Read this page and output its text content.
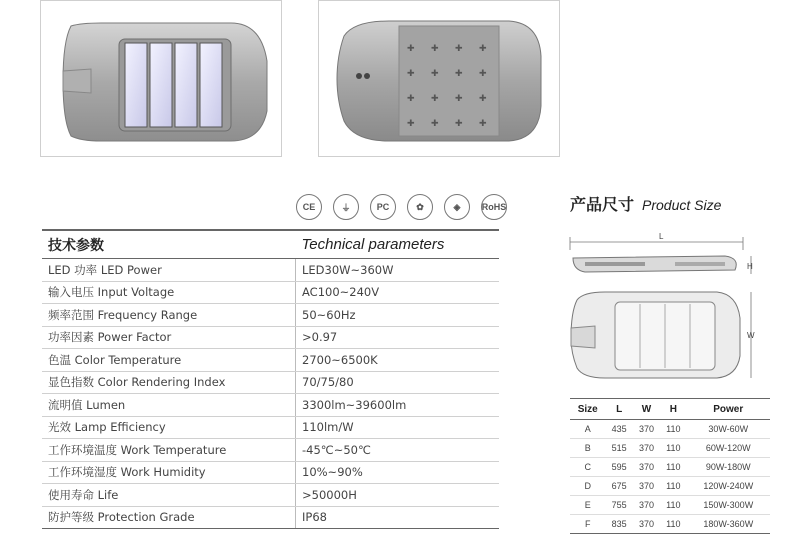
✚ ✚ ✚ ✚
✚ ✚ ✚ ✚
✚ ✚ ✚ ✚
✚ ✚ ✚ ✚
CE	⏚	PC	✿	◈	RoHS
技术参数	Technical parameters
LED 功率 LED Power	LED30W~360W
输入电压 Input Voltage	AC100~240V
频率范围 Frequency Range	50~60Hz
功率因素 Power Factor	>0.97
色温 Color Temperature	2700~6500K
显色指数 Color Rendering Index	70/75/80
流明值 Lumen	3300lm~39600lm
光效 Lamp Efficiency	110lm/W
工作环境温度 Work Temperature	-45℃~50℃
工作环境湿度 Work Humidity	10%~90%
使用寿命 Life	>50000H
防护等级 Protection Grade	IP68
产品尺寸 Product Size
L
H
W
Size	L	W	H	Power
A	435	370	110	30W-60W
B	515	370	110	60W-120W
C	595	370	110	90W-180W
D	675	370	110	120W-240W
E	755	370	110	150W-300W
F	835	370	110	180W-360W
